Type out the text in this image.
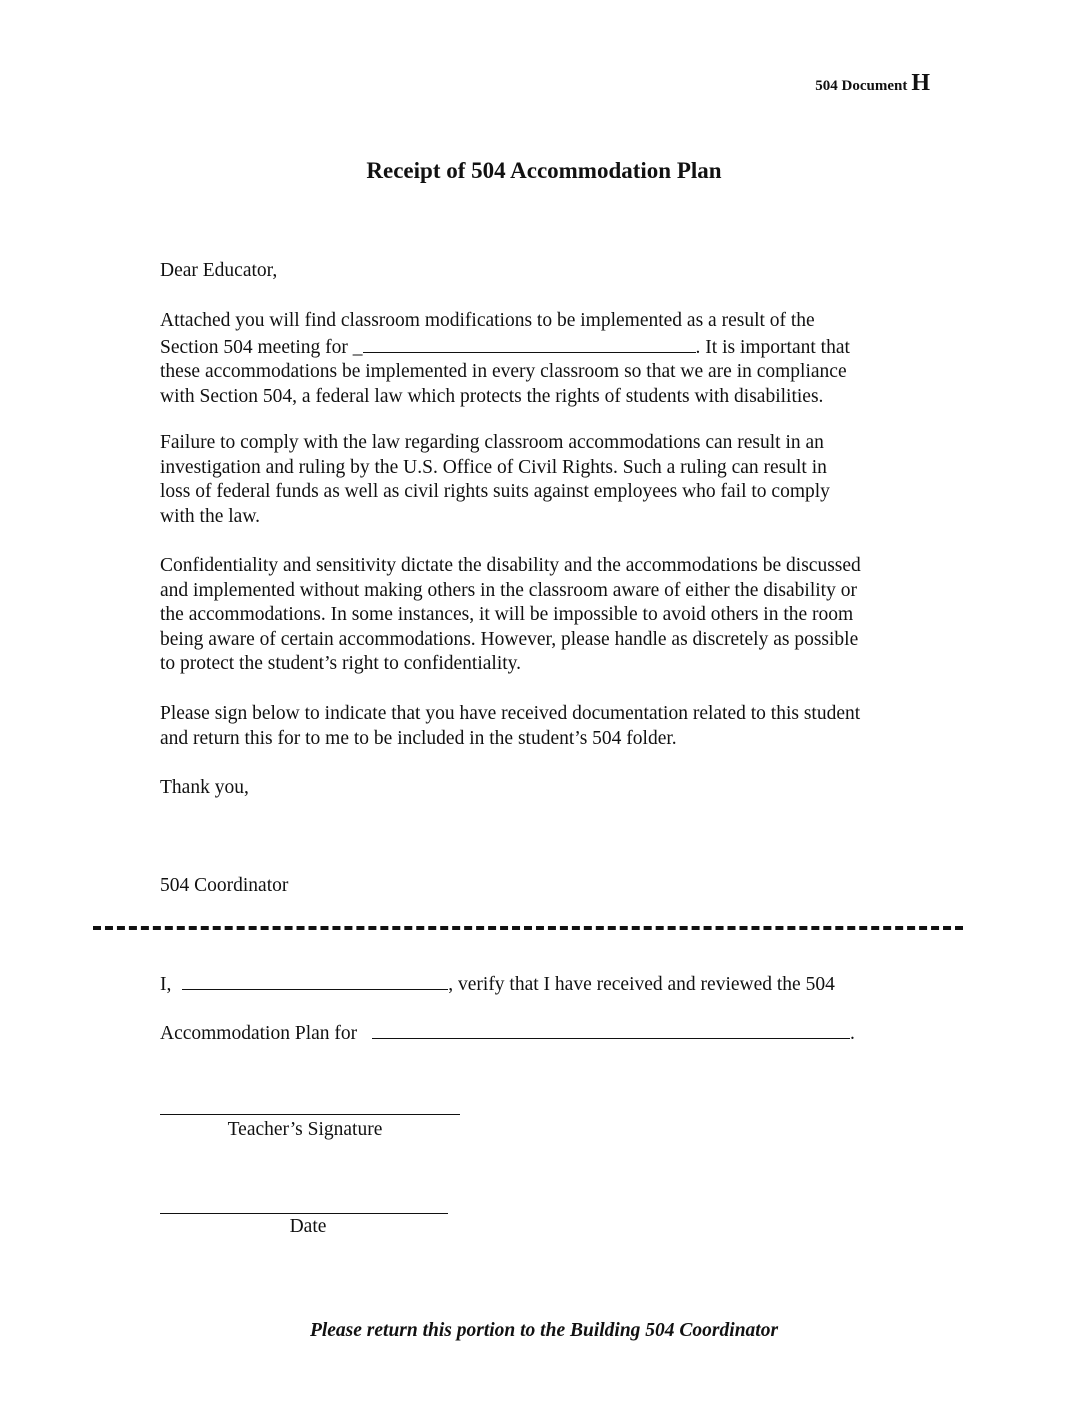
504 Document H
Receipt of 504 Accommodation Plan
Dear Educator,
Attached you will find classroom modifications to be implemented as a result of the
Section 504 meeting for _	. It is important that
these accommodations be implemented in every classroom so that we are in compliance
with Section 504, a federal law which protects the rights of students with disabilities.
Failure to comply with the law regarding classroom accommodations can result in an
investigation and ruling by the U.S. Office of Civil Rights. Such a ruling can result in
loss of federal funds as well as civil rights suits against employees who fail to comply
with the law.
Confidentiality and sensitivity dictate the disability and the accommodations be discussed
and implemented without making others in the classroom aware of either the disability or
the accommodations. In some instances, it will be impossible to avoid others in the room
being aware of certain accommodations. However, please handle as discretely as possible
to protect the student’s right to confidentiality.
Please sign below to indicate that you have received documentation related to this student
and return this for to me to be included in the student’s 504 folder.
Thank you,
504 Coordinator
I,	, verify that I have received and reviewed the 504
Accommodation Plan for	.
Teacher’s Signature
Date
Please return this portion to the Building 504 Coordinator
